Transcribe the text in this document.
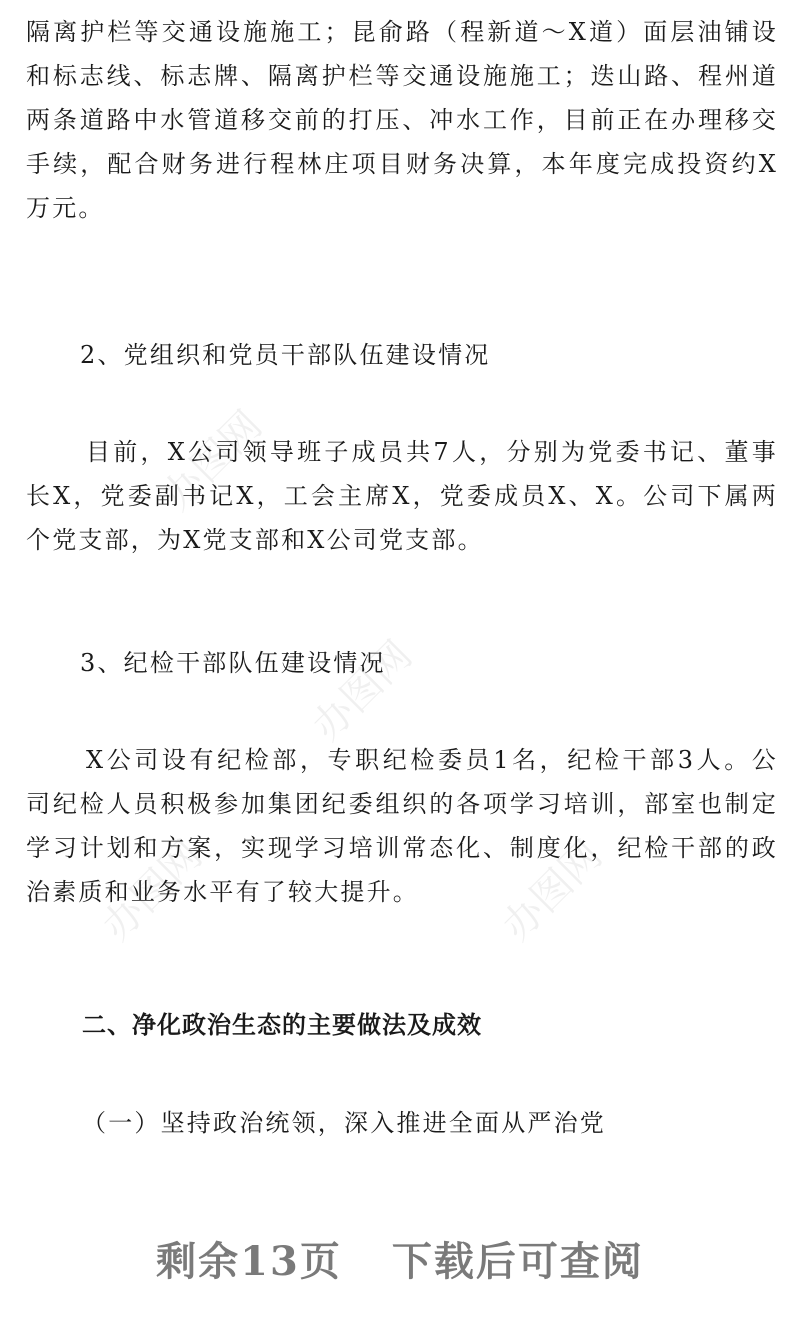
办图网
办图网
办图网
办图网
隔离护栏等交通设施施工；昆俞路（程新道～X道）面层油铺设
和标志线、标志牌、隔离护栏等交通设施施工；迭山路、程州道
两条道路中水管道移交前的打压、冲水工作，目前正在办理移交
手续，配合财务进行程林庄项目财务决算，本年度完成投资约X
万元。

2、党组织和党员干部队伍建设情况

目前，X公司领导班子成员共7人，分别为党委书记、董事
长X，党委副书记X，工会主席X，党委成员X、X。公司下属两
个党支部，为X党支部和X公司党支部。

3、纪检干部队伍建设情况

X公司设有纪检部，专职纪检委员1名，纪检干部3人。公
司纪检人员积极参加集团纪委组织的各项学习培训，部室也制定
学习计划和方案，实现学习培训常态化、制度化，纪检干部的政
治素质和业务水平有了较大提升。

二、净化政治生态的主要做法及成效

（一）坚持政治统领，深入推进全面从严治党

剩余13页 下载后可查阅
